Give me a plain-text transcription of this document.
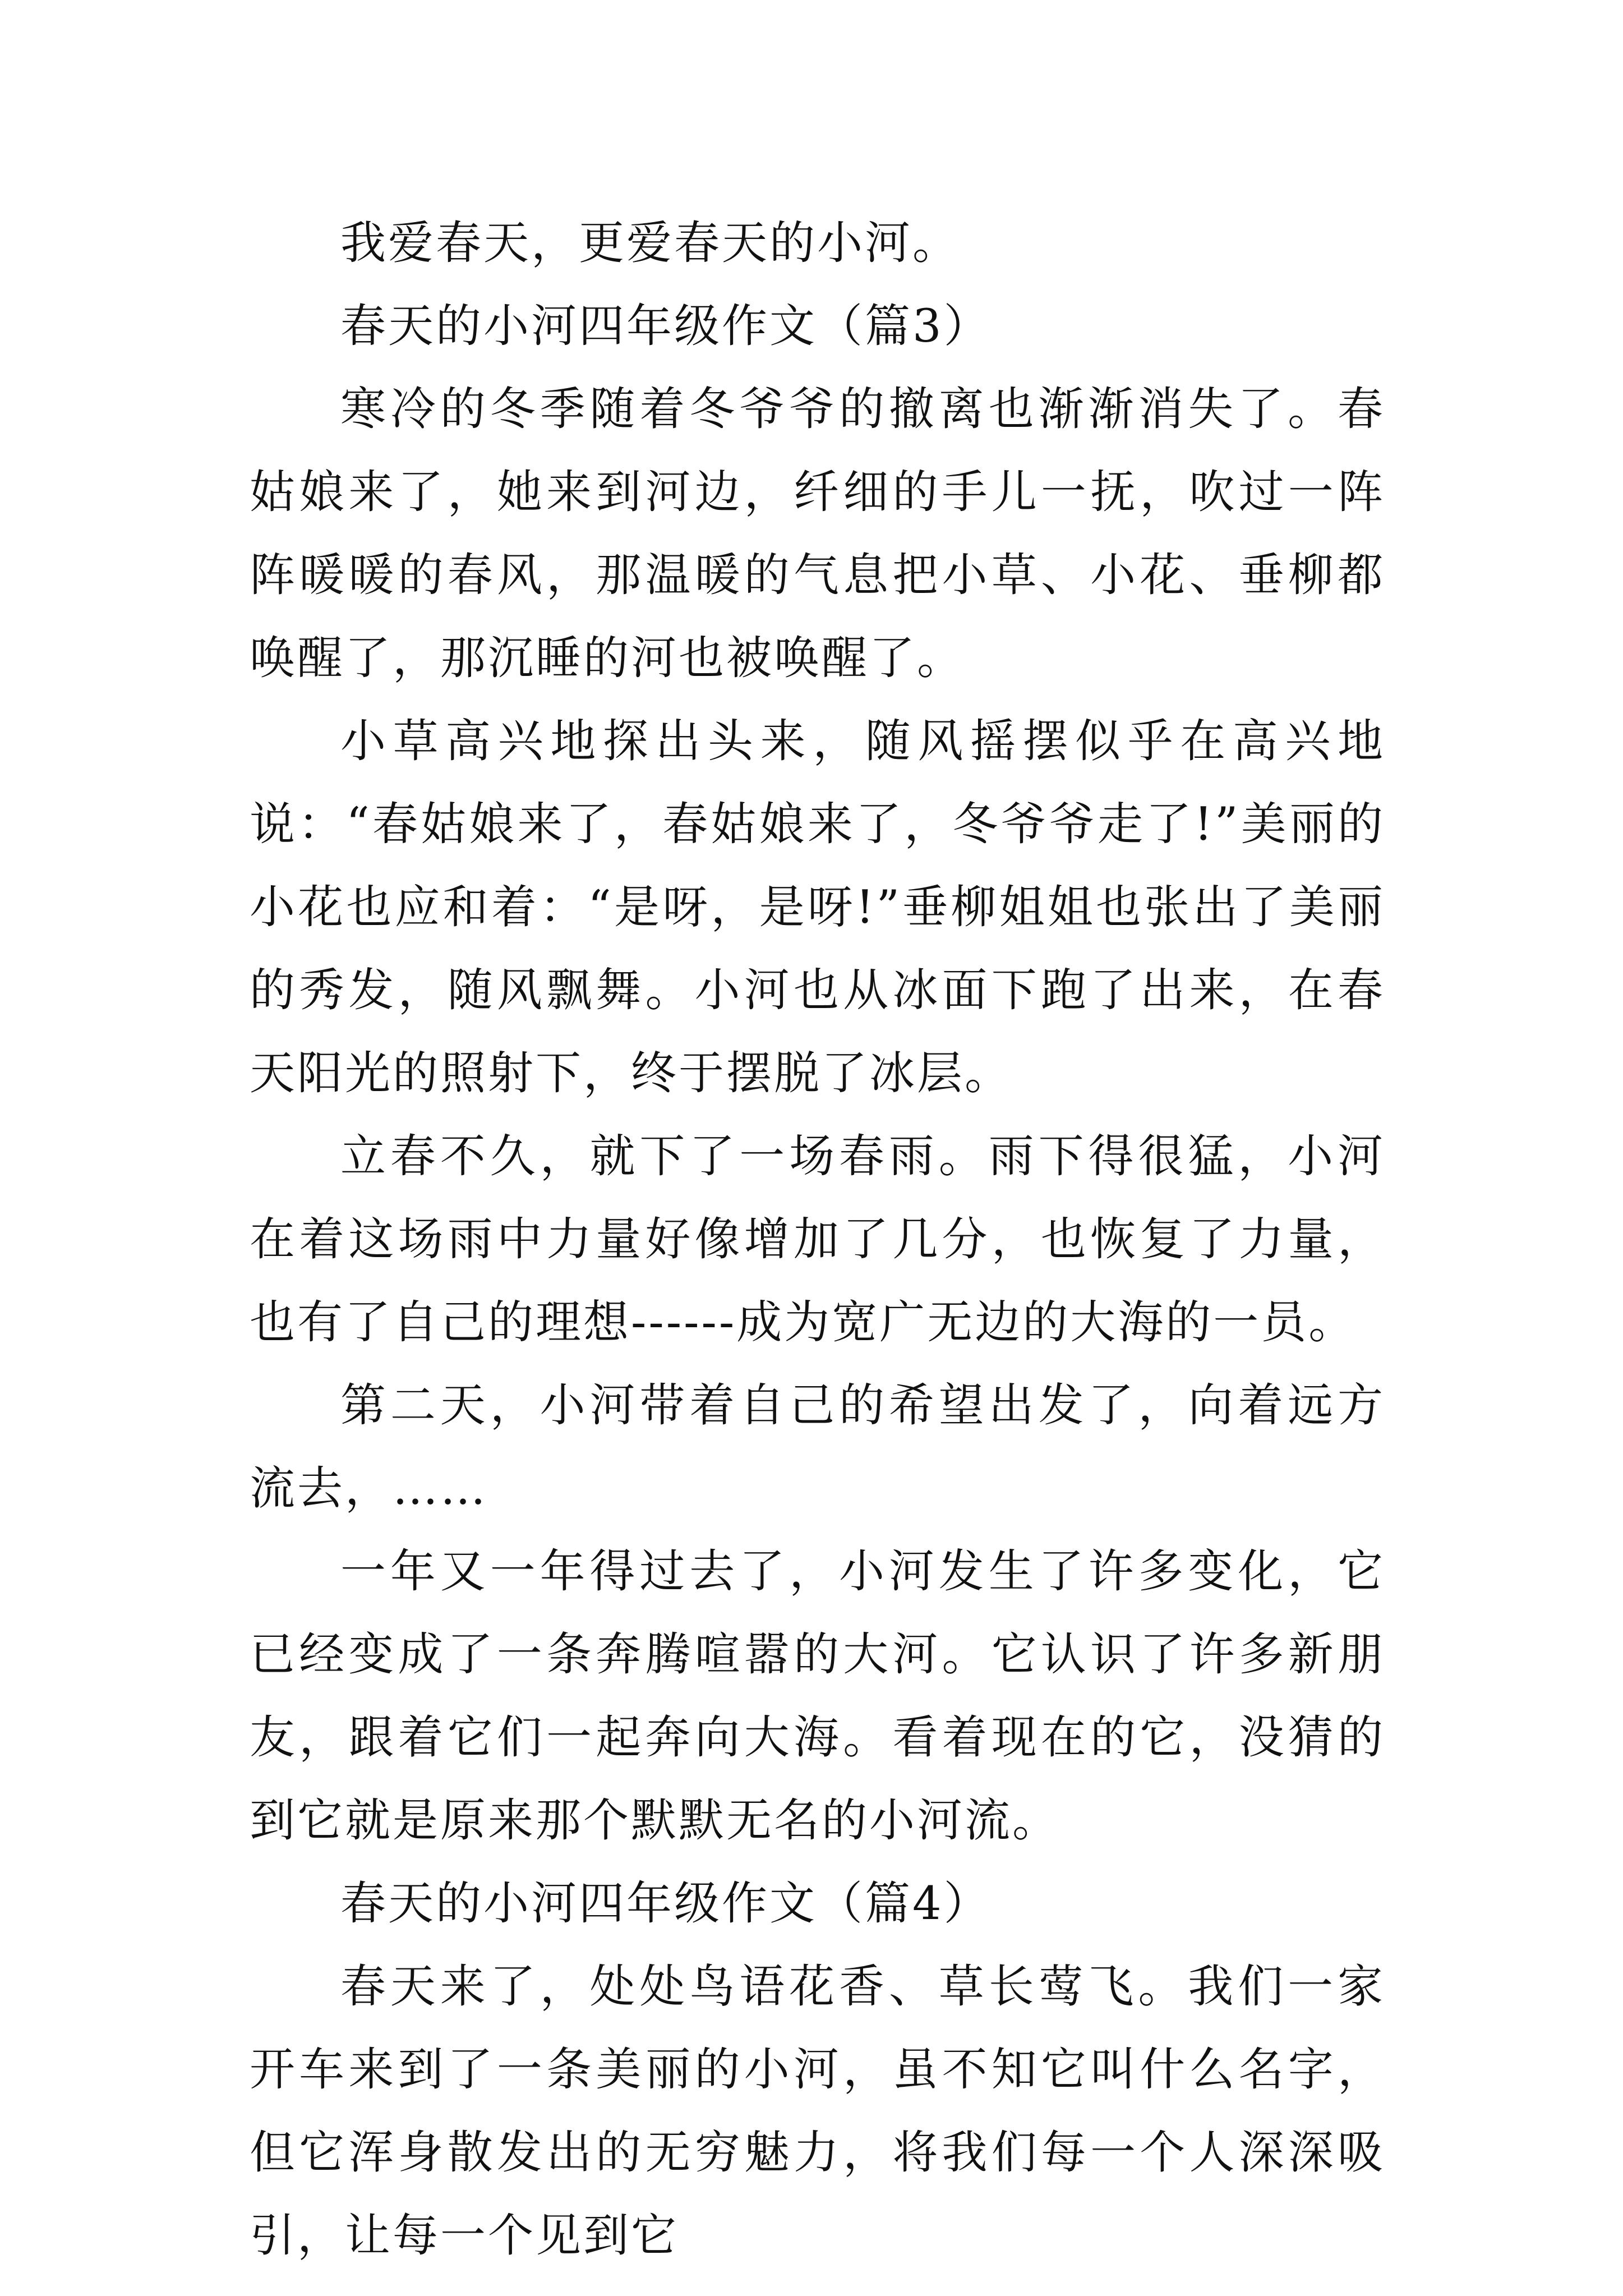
我爱春天，更爱春天的小河。

春天的小河四年级作文（篇3）

寒冷的冬季随着冬爷爷的撤离也渐渐消失了。春姑娘来了，她来到河边，纤细的手儿一抚，吹过一阵阵暖暖的春风，那温暖的气息把小草、小花、垂柳都唤醒了，那沉睡的河也被唤醒了。

小草高兴地探出头来，随风摇摆似乎在高兴地说：“春姑娘来了，春姑娘来了，冬爷爷走了!”美丽的小花也应和着：“是呀，是呀!”垂柳姐姐也张出了美丽的秀发，随风飘舞。小河也从冰面下跑了出来，在春天阳光的照射下，终于摆脱了冰层。

立春不久，就下了一场春雨。雨下得很猛，小河在着这场雨中力量好像增加了几分，也恢复了力量，也有了自己的理想------成为宽广无边的大海的一员。

第二天，小河带着自己的希望出发了，向着远方流去，……

一年又一年得过去了，小河发生了许多变化，它已经变成了一条奔腾喧嚣的大河。它认识了许多新朋友，跟着它们一起奔向大海。看着现在的它，没猜的到它就是原来那个默默无名的小河流。

春天的小河四年级作文（篇4）

春天来了，处处鸟语花香、草长莺飞。我们一家开车来到了一条美丽的小河，虽不知它叫什么名字，但它浑身散发出的无穷魅力，将我们每一个人深深吸引，让每一个见到它
